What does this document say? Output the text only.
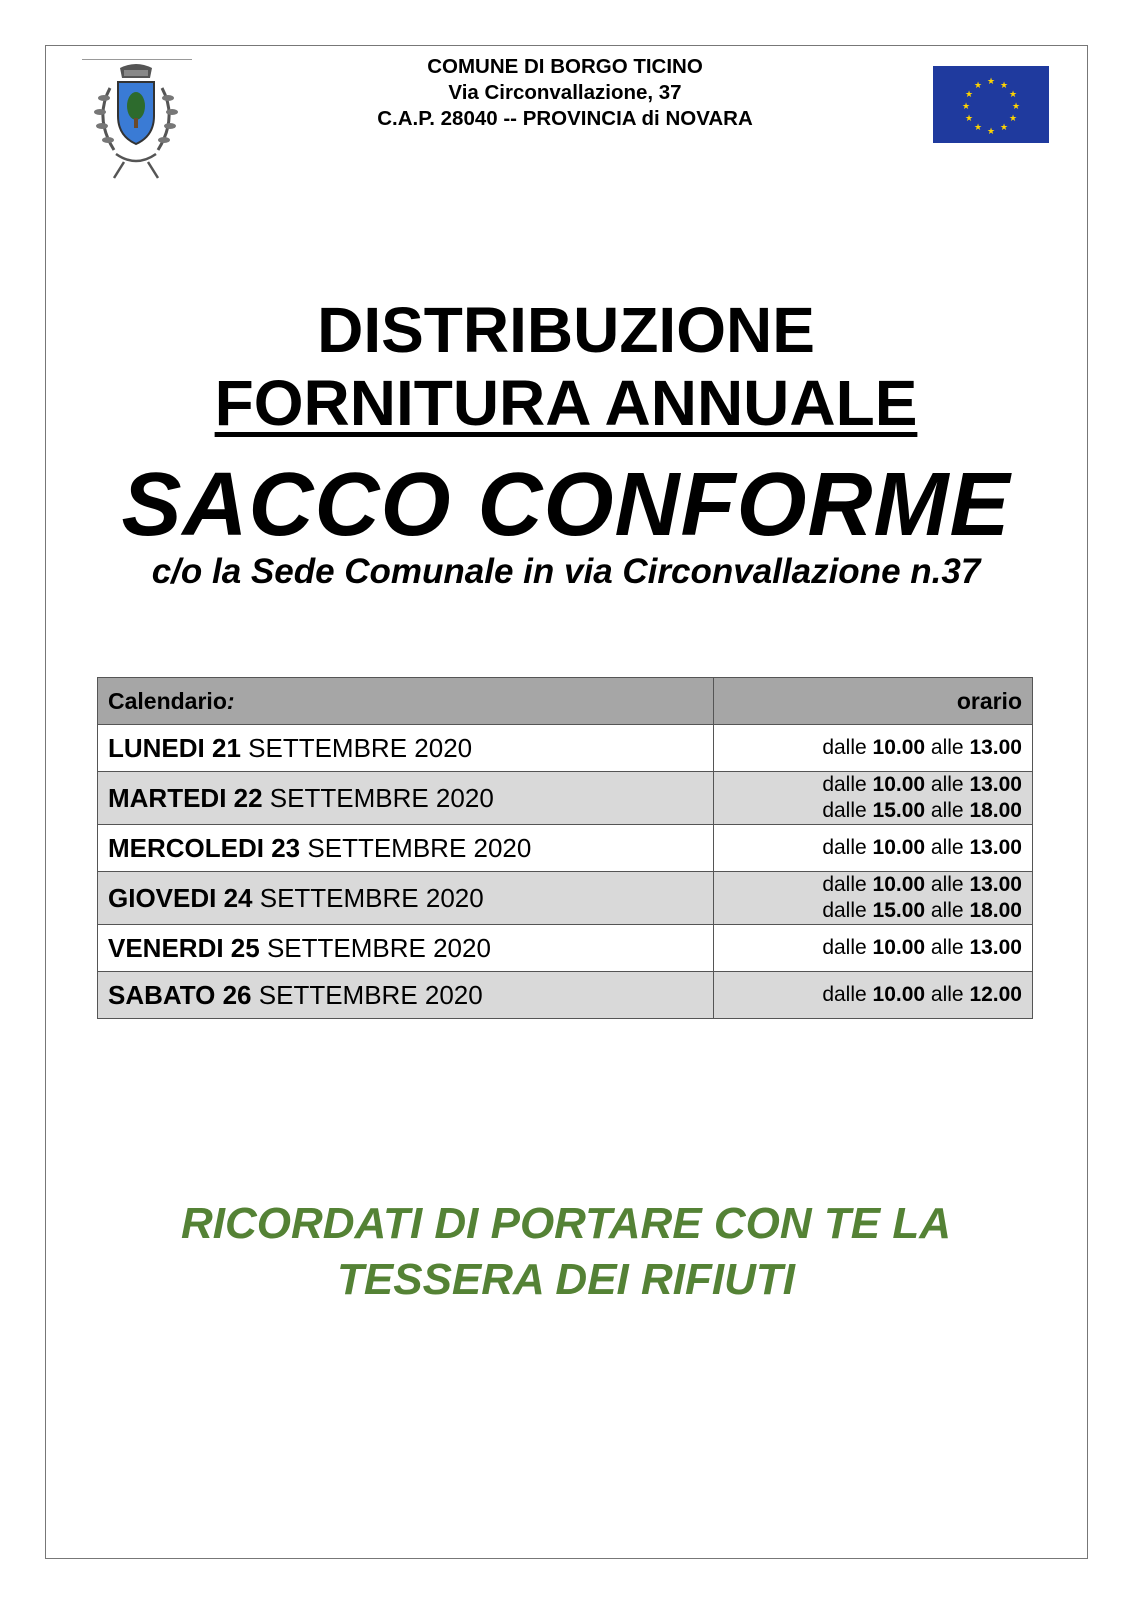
★ ★
★
★
★
★
★
★
★
★
★
★
COMUNE DI BORGO TICINO
Via Circonvallazione, 37
C.A.P. 28040 -- PROVINCIA di NOVARA
DISTRIBUZIONE
FORNITURA ANNUALE
SACCO CONFORME
c/o la Sede Comunale in via Circonvallazione n.37
Calendario:	orario
LUNEDI 21 SETTEMBRE 2020	dalle 10.00 alle 13.00

MARTEDI 22 SETTEMBRE 2020	dalle 10.00 alle 13.00
dalle 15.00 alle 18.00

MERCOLEDI 23 SETTEMBRE 2020	dalle 10.00 alle 13.00

GIOVEDI 24 SETTEMBRE 2020	dalle 10.00 alle 13.00
dalle 15.00 alle 18.00

VENERDI 25 SETTEMBRE 2020	dalle 10.00 alle 13.00

SABATO 26 SETTEMBRE 2020	dalle 10.00 alle 12.00
RICORDATI DI PORTARE CON TE LA
TESSERA DEI RIFIUTI
